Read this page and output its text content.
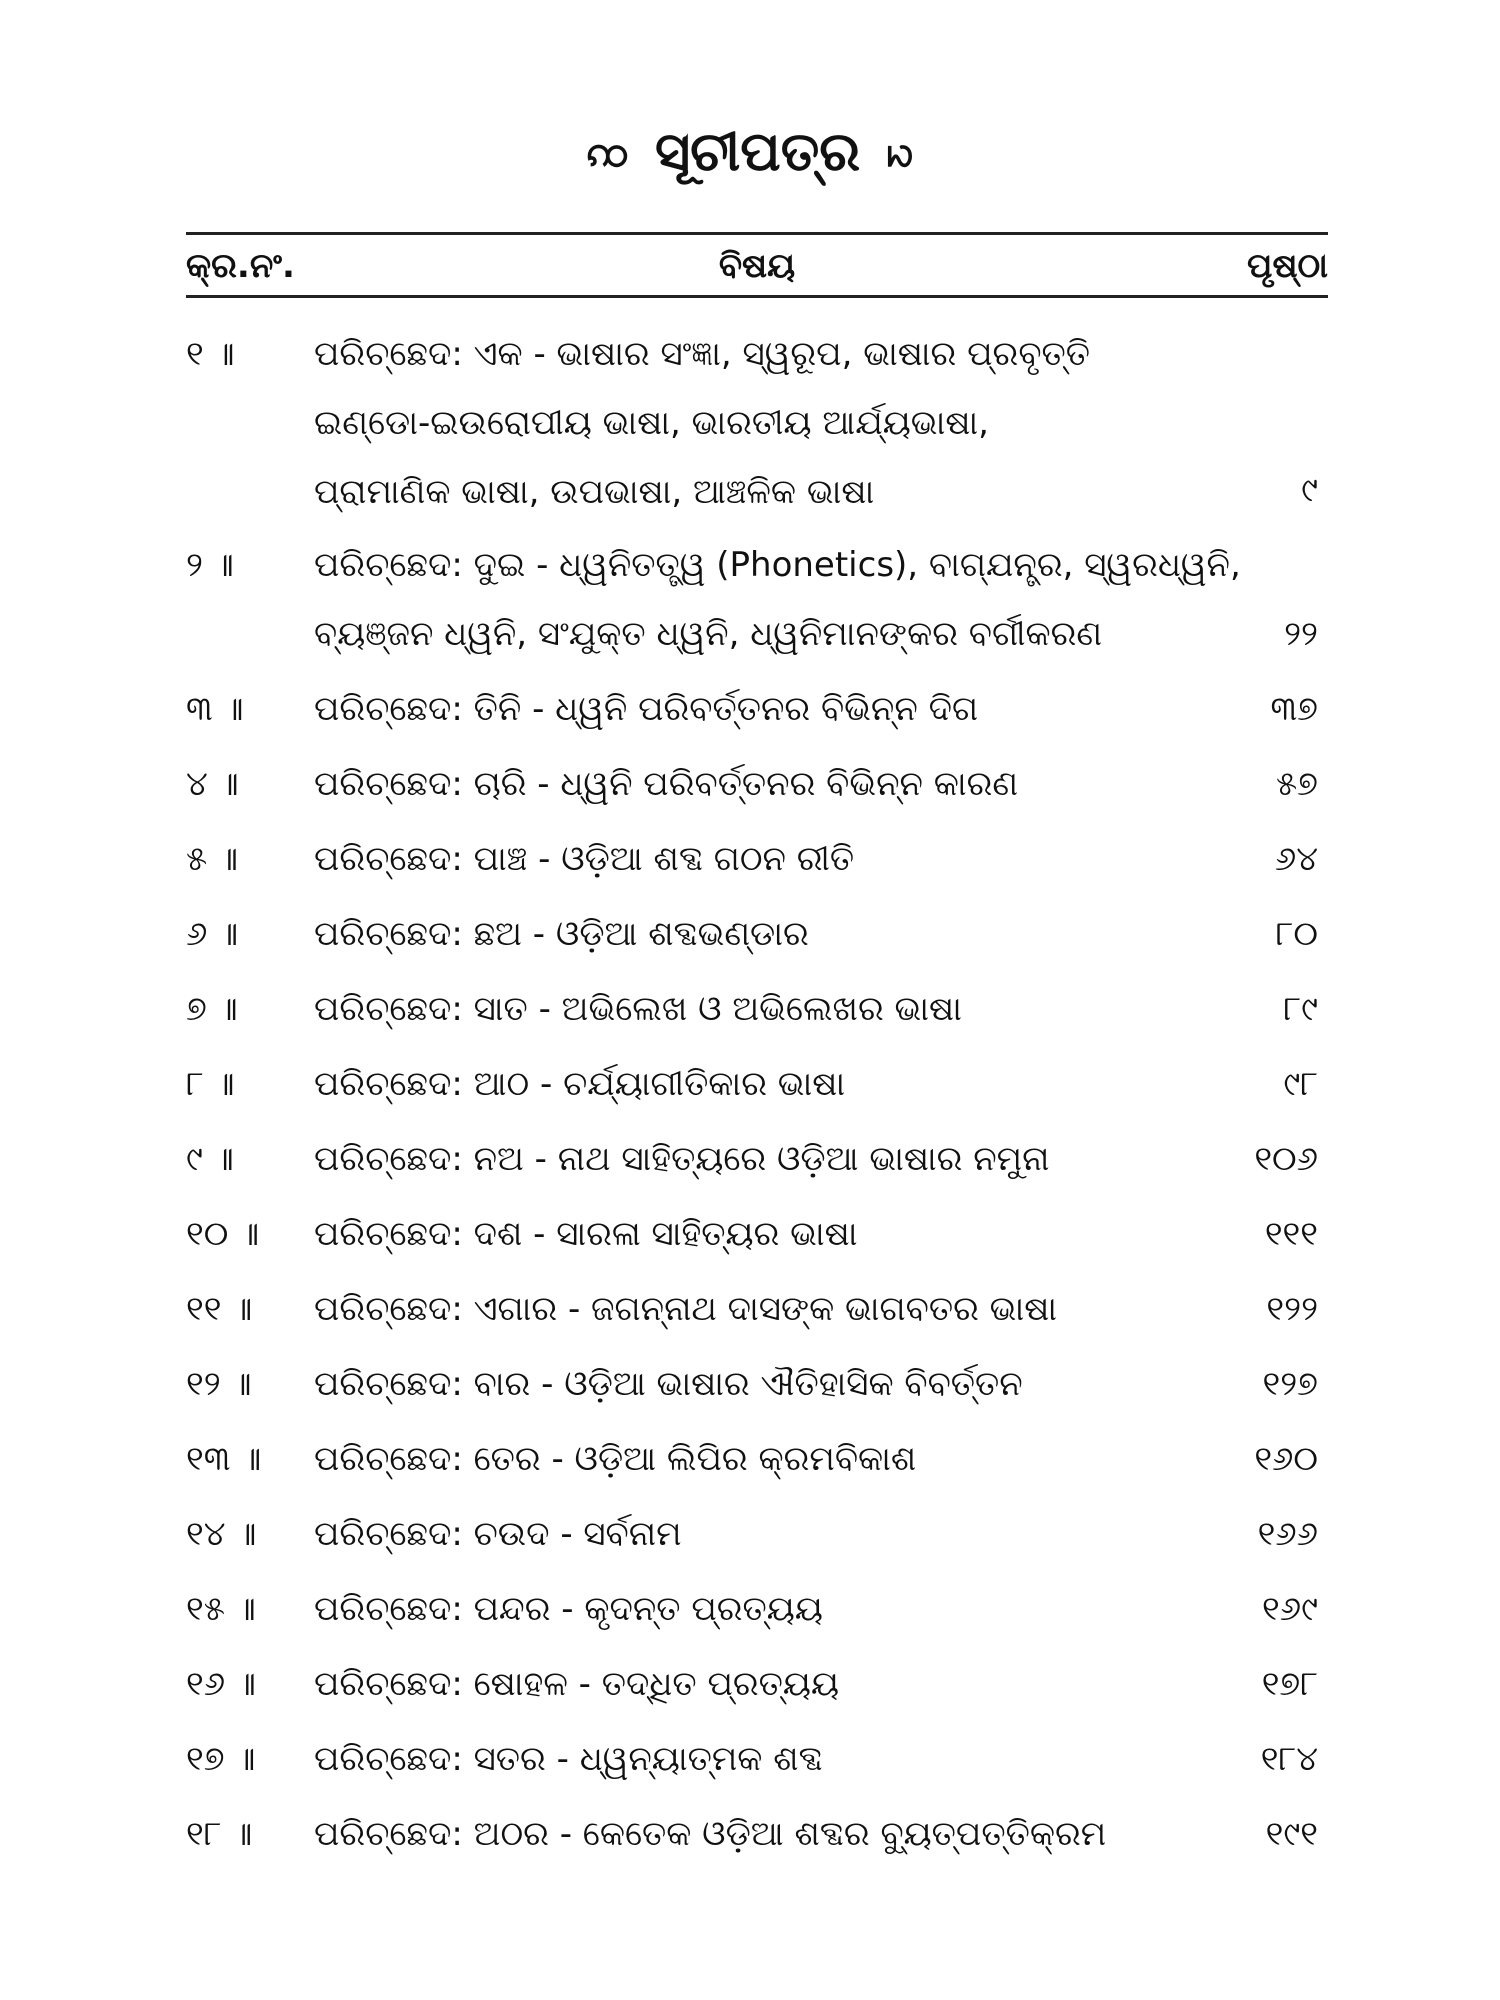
ꩡ ସୂଚୀପତ୍ର ꩢ
କ୍ର.ନଂ.	ବିଷୟ	ପୃଷ୍ଠା
୧ ॥	ପରିଚ୍ଛେଦ: ଏକ - ଭାଷାର ସଂଜ୍ଞା, ସ୍ୱରୂପ, ଭାଷାର ପ୍ରବୃତ୍ତି
ଇଣ୍ଡୋ-ଇଉରୋପୀୟ ଭାଷା, ଭାରତୀୟ ଆର୍ଯ୍ୟଭାଷା,
ପ୍ରାମାଣିକ ଭାଷା, ଉପଭାଷା, ଆଞ୍ଚଳିକ ଭାଷା	୯
୨ ॥	ପରିଚ୍ଛେଦ: ଦୁଇ - ଧ୍ୱନିତତ୍ତ୍ୱ (Phonetics), ବାଗ୍‌ଯନ୍ତ୍ର, ସ୍ୱରଧ୍ୱନି,
ବ୍ୟଞ୍ଜନ ଧ୍ୱନି, ସଂଯୁକ୍ତ ଧ୍ୱନି, ଧ୍ୱନିମାନଙ୍କର ବର୍ଗୀକରଣ	୨୨
୩ ॥	ପରିଚ୍ଛେଦ: ତିନି - ଧ୍ୱନି ପରିବର୍ତ୍ତନର ବିଭିନ୍ନ ଦିଗ	୩୭
୪ ॥	ପରିଚ୍ଛେଦ: ଚାରି - ଧ୍ୱନି ପରିବର୍ତ୍ତନର ବିଭିନ୍ନ କାରଣ	୫୭
୫ ॥	ପରିଚ୍ଛେଦ: ପାଞ୍ଚ - ଓଡ଼ିଆ ଶବ୍ଦ ଗଠନ ରୀତି	୬୪
୬ ॥	ପରିଚ୍ଛେଦ: ଛଅ - ଓଡ଼ିଆ ଶବ୍ଦଭଣ୍ଡାର	୮୦
୭ ॥	ପରିଚ୍ଛେଦ: ସାତ - ଅଭିଲେଖ ଓ ଅଭିଲେଖର ଭାଷା	୮୯
୮ ॥	ପରିଚ୍ଛେଦ: ଆଠ - ଚର୍ଯ୍ୟାଗୀତିକାର ଭାଷା	୯୮
୯ ॥	ପରିଚ୍ଛେଦ: ନଅ - ନାଥ ସାହିତ୍ୟରେ ଓଡ଼ିଆ ଭାଷାର ନମୁନା	୧୦୬
୧୦ ॥	ପରିଚ୍ଛେଦ: ଦଶ - ସାରଳା ସାହିତ୍ୟର ଭାଷା	୧୧୧
୧୧ ॥	ପରିଚ୍ଛେଦ: ଏଗାର - ଜଗନ୍ନାଥ ଦାସଙ୍କ ଭାଗବତର ଭାଷା	୧୨୨
୧୨ ॥	ପରିଚ୍ଛେଦ: ବାର - ଓଡ଼ିଆ ଭାଷାର ଐତିହାସିକ ବିବର୍ତ୍ତନ	୧୨୭
୧୩ ॥	ପରିଚ୍ଛେଦ: ତେର - ଓଡ଼ିଆ ଲିପିର କ୍ରମବିକାଶ	୧୬୦
୧୪ ॥	ପରିଚ୍ଛେଦ: ଚଉଦ - ସର୍ବନାମ	୧୬୬
୧୫ ॥	ପରିଚ୍ଛେଦ: ପନ୍ଦର - କୃଦନ୍ତ ପ୍ରତ୍ୟୟ	୧୬୯
୧୬ ॥	ପରିଚ୍ଛେଦ: ଷୋହଳ - ତଦ୍ଧିତ ପ୍ରତ୍ୟୟ	୧୭୮
୧୭ ॥	ପରିଚ୍ଛେଦ: ସତର - ଧ୍ୱନ୍ୟାତ୍ମକ ଶବ୍ଦ	୧୮୪
୧୮ ॥	ପରିଚ୍ଛେଦ: ଅଠର - କେତେକ ଓଡ଼ିଆ ଶବ୍ଦର ବ୍ୟୁତ୍ପତ୍ତିକ୍ରମ	୧୯୧
